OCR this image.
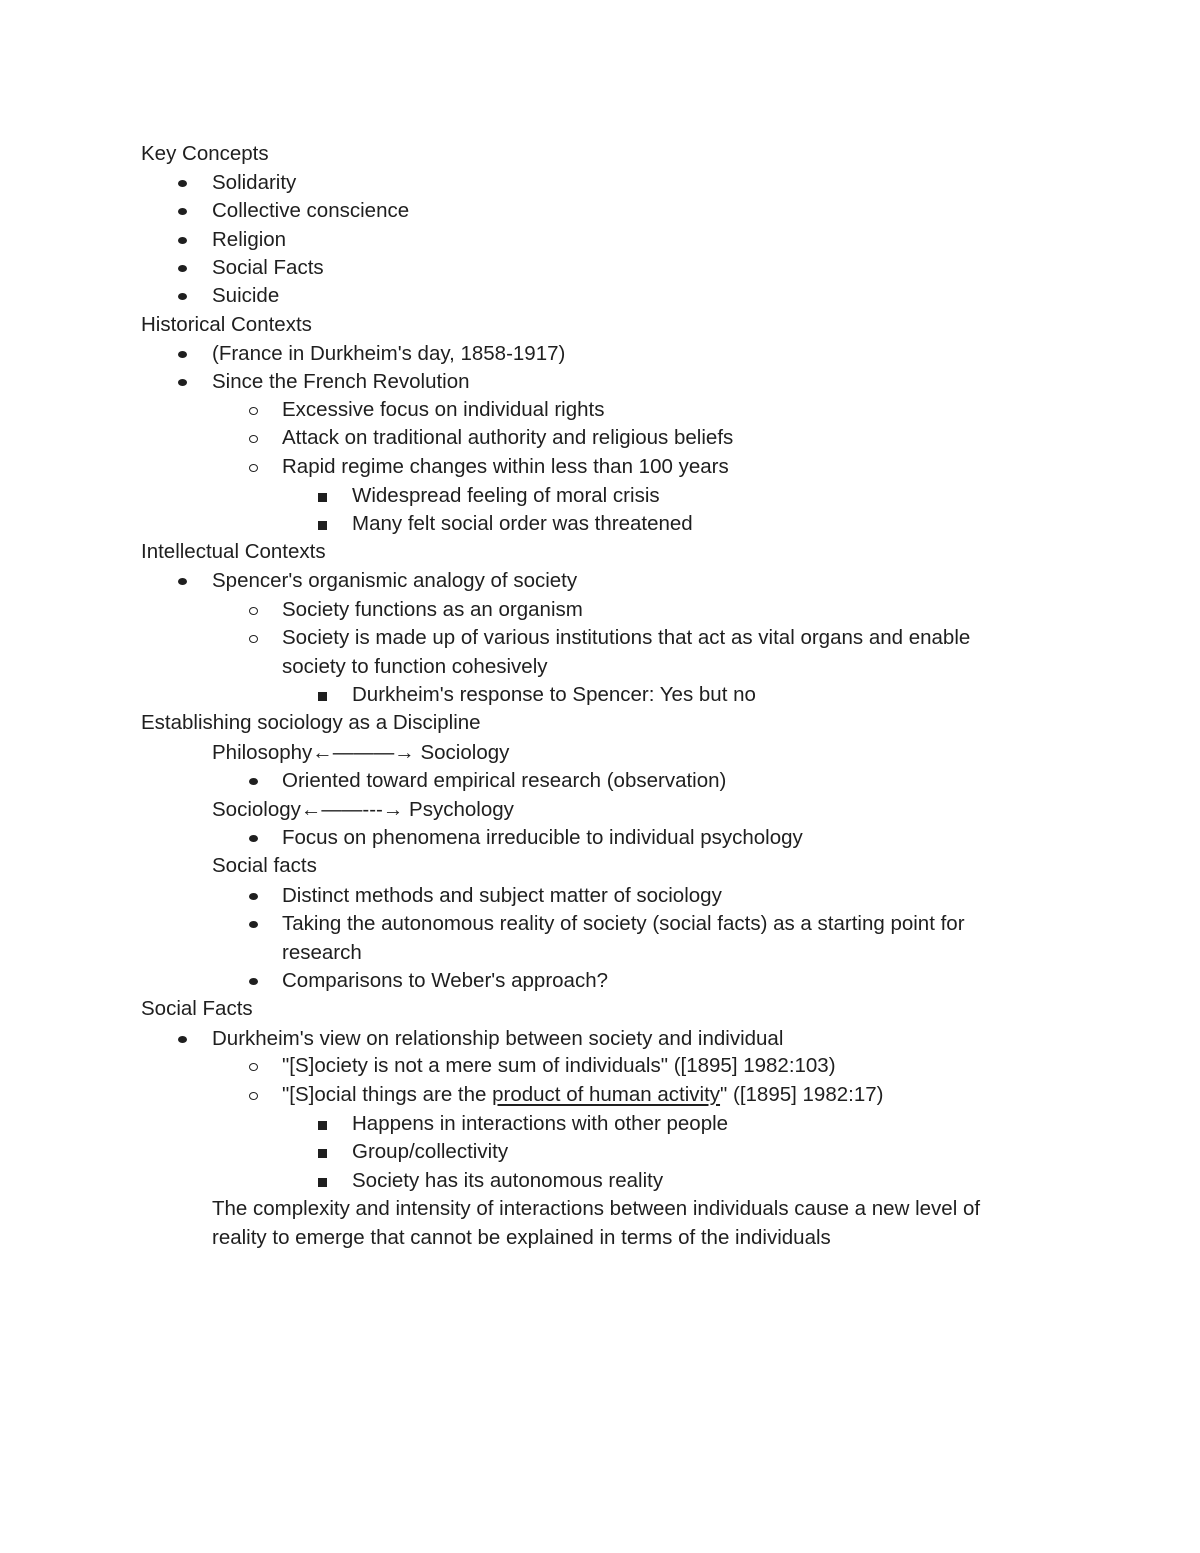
Key Concepts
Solidarity
Collective conscience
Religion
Social Facts
Suicide
Historical Contexts
(France in Durkheim's day, 1858-1917)
Since the French Revolution
Excessive focus on individual rights
Attack on traditional authority and religious beliefs
Rapid regime changes within less than 100 years
Widespread feeling of moral crisis
Many felt social order was threatened
Intellectual Contexts
Spencer's organismic analogy of society
Society functions as an organism
Society is made up of various institutions that act as vital organs and enable
society to function cohesively
Durkheim's response to Spencer: Yes but no
Establishing sociology as a Discipline
Philosophy←———→ Sociology
Oriented toward empirical research (observation)
Sociology←——---→ Psychology
Focus on phenomena irreducible to individual psychology
Social facts
Distinct methods and subject matter of sociology
Taking the autonomous reality of society (social facts) as a starting point for
research
Comparisons to Weber's approach?
Social Facts
Durkheim's view on relationship between society and individual
"[S]ociety is not a mere sum of individuals" ([1895] 1982:103)
"[S]ocial things are the product of human activity" ([1895] 1982:17)
Happens in interactions with other people
Group/collectivity
Society has its autonomous reality
The complexity and intensity of interactions between individuals cause a new level of
reality to emerge that cannot be explained in terms of the individuals
